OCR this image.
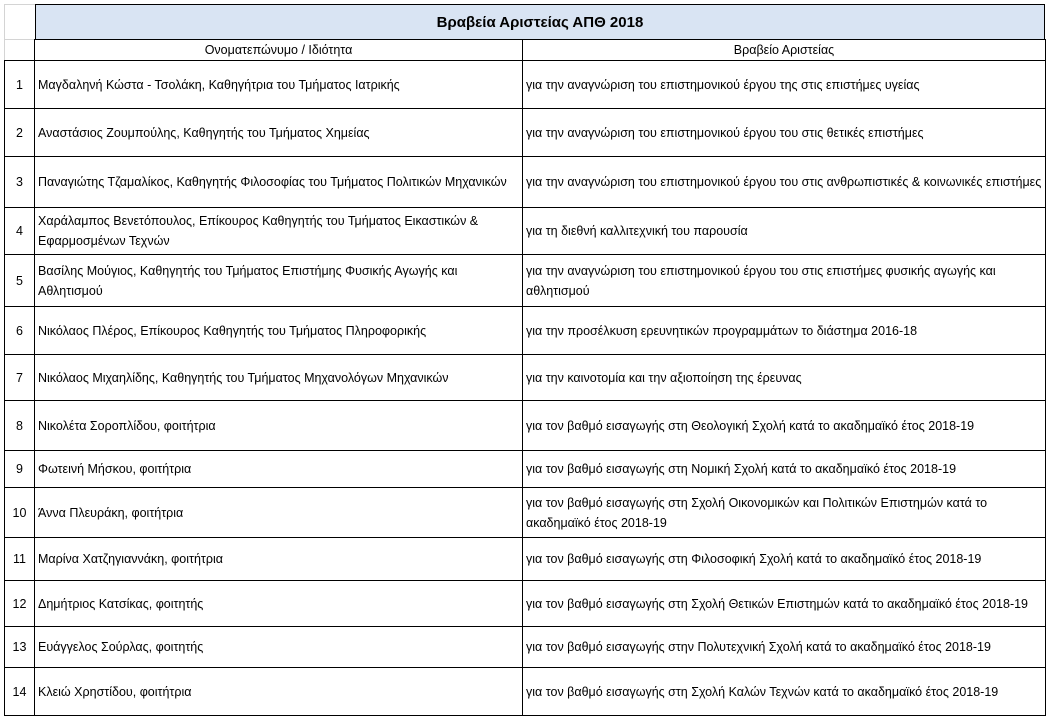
Βραβεία Αριστείας ΑΠΘ 2018
	Ονοματεπώνυμο / Ιδιότητα	Βραβείο Αριστείας
1	Μαγδαληνή Κώστα - Τσολάκη, Καθηγήτρια του Τμήματος Ιατρικής	για την αναγνώριση του επιστημονικού έργου της στις επιστήμες υγείας
2	Αναστάσιος Ζουμπούλης, Καθηγητής του Τμήματος Χημείας	για την αναγνώριση του επιστημονικού έργου του στις θετικές επιστήμες
3	Παναγιώτης Τζαμαλίκος, Καθηγητής Φιλοσοφίας του Τμήματος Πολιτικών Μηχανικών	για την αναγνώριση του επιστημονικού έργου του στις ανθρωπιστικές & κοινωνικές επιστήμες
4	Χαράλαμπος Βενετόπουλος, Επίκουρος Καθηγητής του Τμήματος Εικαστικών & Εφαρμοσμένων Τεχνών	για τη διεθνή καλλιτεχνική του παρουσία
5	Βασίλης Μούγιος, Καθηγητής του Τμήματος Επιστήμης Φυσικής Αγωγής και Αθλητισμού	για την αναγνώριση του επιστημονικού έργου του στις επιστήμες φυσικής αγωγής και αθλητισμού
6	Νικόλαος Πλέρος, Επίκουρος Καθηγητής του Τμήματος Πληροφορικής	για την προσέλκυση ερευνητικών προγραμμάτων το διάστημα 2016-18
7	Νικόλαος Μιχαηλίδης, Καθηγητής του Τμήματος Μηχανολόγων Μηχανικών	για την καινοτομία και την αξιοποίηση της έρευνας
8	Νικολέτα Σοροπλίδου, φοιτήτρια	για τον βαθμό εισαγωγής στη Θεολογική Σχολή κατά το ακαδημαϊκό έτος 2018-19
9	Φωτεινή Μήσκου, φοιτήτρια	για τον βαθμό εισαγωγής στη Νομική Σχολή κατά το ακαδημαϊκό έτος 2018-19
10	Άννα Πλευράκη, φοιτήτρια	για τον βαθμό εισαγωγής στη Σχολή Οικονομικών και Πολιτικών Επιστημών κατά το ακαδημαϊκό έτος 2018-19
11	Μαρίνα Χατζηγιαννάκη, φοιτήτρια	για τον βαθμό εισαγωγής στη Φιλοσοφική Σχολή κατά το ακαδημαϊκό έτος 2018-19
12	Δημήτριος Κατσίκας, φοιτητής	για τον βαθμό εισαγωγής στη Σχολή Θετικών Επιστημών κατά το ακαδημαϊκό έτος 2018-19
13	Ευάγγελος Σούρλας, φοιτητής	για τον βαθμό εισαγωγής στην Πολυτεχνική Σχολή κατά το ακαδημαϊκό έτος 2018-19
14	Κλειώ Χρηστίδου, φοιτήτρια	για τον βαθμό εισαγωγής στη Σχολή Καλών Τεχνών κατά το ακαδημαϊκό έτος 2018-19
